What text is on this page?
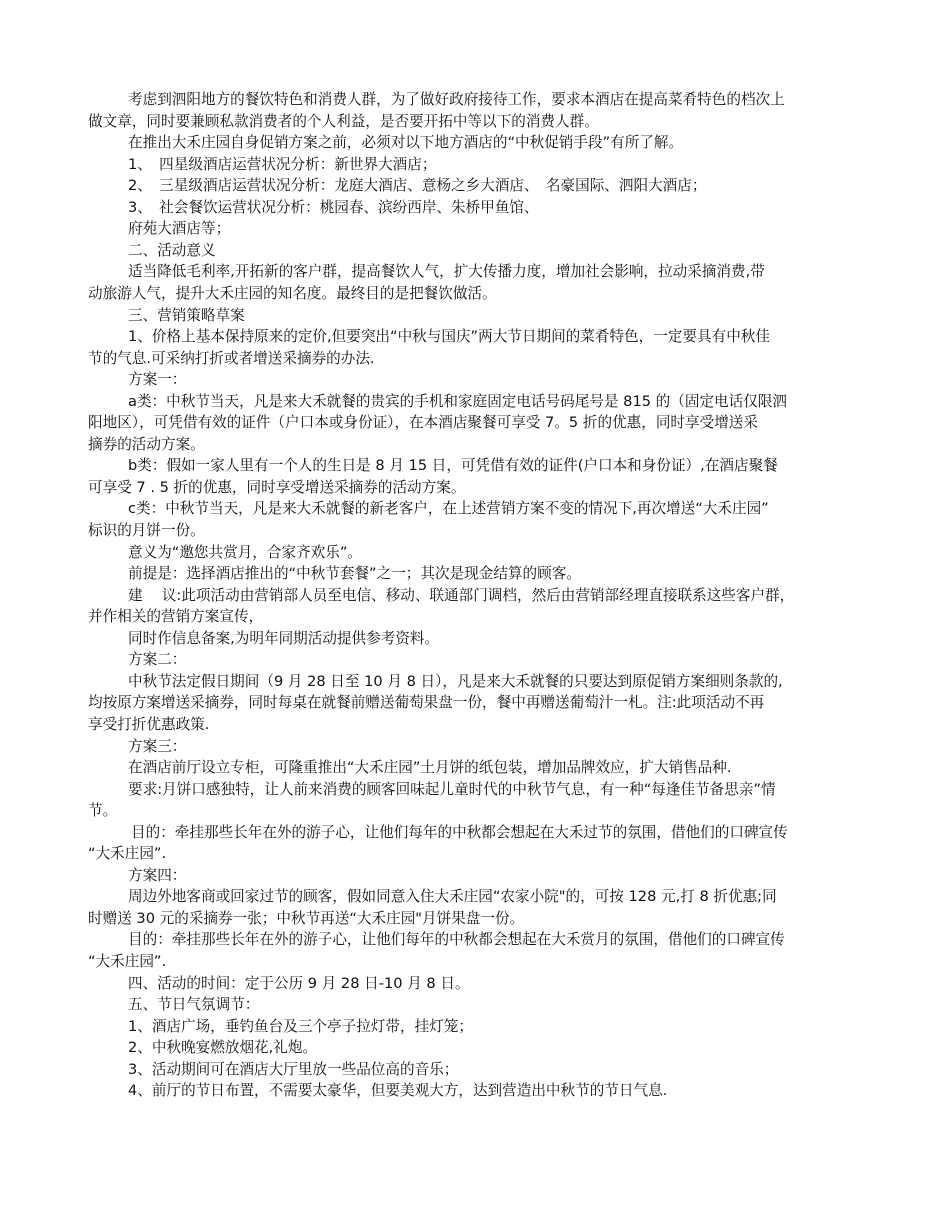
考虑到泗阳地方的餐饮特色和消费人群，为了做好政府接待工作，要求本酒店在提高菜肴特色的档次上
做文章，同时要兼顾私款消费者的个人利益，是否要开拓中等以下的消费人群。
在推出大禾庄园自身促销方案之前，必须对以下地方酒店的“中秋促销手段”有所了解。
1、　四星级酒店运营状况分析：新世界大酒店；
2、　三星级酒店运营状况分析：龙庭大酒店、意杨之乡大酒店、　名豪国际、泗阳大酒店；
3、　社会餐饮运营状况分析：桃园春、滨纷西岸、朱桥甲鱼馆、
府苑大酒店等；
二、活动意义
适当降低毛利率,开拓新的客户群，提高餐饮人气，扩大传播力度，增加社会影响，拉动采摘消费,带
动旅游人气，提升大禾庄园的知名度。最终目的是把餐饮做活。
三、营销策略草案
1、价格上基本保持原来的定价,但要突出“中秋与国庆”两大节日期间的菜肴特色，一定要具有中秋佳
节的气息.可采纳打折或者增送采摘券的办法.
方案一：
a类：中秋节当天，凡是来大禾就餐的贵宾的手机和家庭固定电话号码尾号是 815 的（固定电话仅限泗
阳地区），可凭借有效的证件（户口本或身份证），在本酒店聚餐可享受 7。5 折的优惠，同时享受增送采
摘券的活动方案。
b类：假如一家人里有一个人的生日是 8 月 15 日，可凭借有效的证件(户口本和身份证）,在酒店聚餐
可享受 7 . 5 折的优惠，同时享受增送采摘券的活动方案。
c类：中秋节当天，凡是来大禾就餐的新老客户，在上述营销方案不变的情况下,再次增送“大禾庄园”
标识的月饼一份。
意义为“邀您共赏月，合家齐欢乐”。
前提是：选择酒店推出的“中秋节套餐”之一；其次是现金结算的顾客。
建　 议:此项活动由营销部人员至电信、移动、联通部门调档，然后由营销部经理直接联系这些客户群，
并作相关的营销方案宣传，
同时作信息备案,为明年同期活动提供参考资料。
方案二：
中秋节法定假日期间（9 月 28 日至 10 月 8 日），凡是来大禾就餐的只要达到原促销方案细则条款的,
均按原方案增送采摘券，同时每桌在就餐前赠送葡萄果盘一份，餐中再赠送葡萄汁一札。注:此项活动不再
享受打折优惠政策.
方案三：
在酒店前厅设立专柜，可隆重推出“大禾庄园”土月饼的纸包装，增加品牌效应，扩大销售品种.
要求:月饼口感独特，让人前来消费的顾客回味起儿童时代的中秋节气息，有一种“每逢佳节备思亲”情
节。
目的：牵挂那些长年在外的游子心，让他们每年的中秋都会想起在大禾过节的氛围，借他们的口碑宣传
“大禾庄园”.
方案四：
周边外地客商或回家过节的顾客，假如同意入住大禾庄园“农家小院"的，可按 128 元,打 8 折优惠;同
时赠送 30 元的采摘券一张；中秋节再送“大禾庄园"月饼果盘一份。
目的：牵挂那些长年在外的游子心，让他们每年的中秋都会想起在大禾赏月的氛围，借他们的口碑宣传
“大禾庄园”.
四、活动的时间：定于公历 9 月 28 日-10 月 8 日。
五、节日气氛调节：
1、酒店广场，垂钓鱼台及三个亭子拉灯带，挂灯笼；
2、中秋晚宴燃放烟花,礼炮。
3、活动期间可在酒店大厅里放一些品位高的音乐；
4、前厅的节日布置，不需要太豪华，但要美观大方，达到营造出中秋节的节日气息.
